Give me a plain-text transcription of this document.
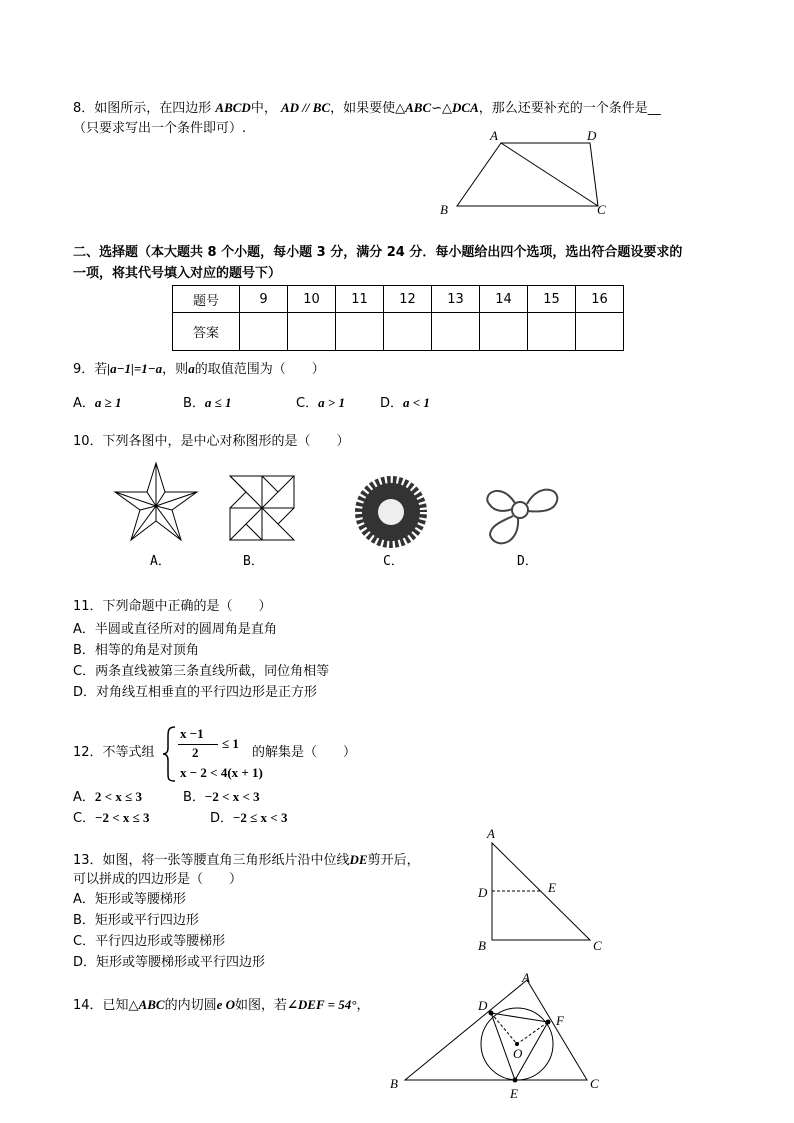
8．如图所示，在四边形 ABCD中， AD // BC，如果要使△ABC∽△DCA，那么还要补充的一个条件是__
（只要求写出一个条件即可）.	A	D
B	C
二、选择题（本大题共 8 个小题，每小题 3 分，满分 24 分．每小题给出四个选项，选出符合题设要求的
一项，将其代号填入对应的题号下）
题号	9	10	11	12	13	14	15	16
答案								
9．若|a−1|=1−a，则a的取值范围为（　　）
A．a ≥ 1	B．a ≤ 1	C．a > 1	D．a < 1
10．下列各图中，是中心对称图形的是（　　）
A．	B．	C．	D．
11．下列命题中正确的是（　　）
A．半圆或直径所对的圆周角是直角
B．相等的角是对顶角
C．两条直线被第三条直线所截，同位角相等
D．对角线互相垂直的平行四边形是正方形
12．不等式组
x −1
2
≤ 1
x − 2 < 4(x + 1)
的解集是（　　）
A．2 < x ≤ 3	B．−2 < x < 3
C．−2 < x ≤ 3	D．−2 ≤ x < 3
13．如图，将一张等腰直角三角形纸片沿中位线DE剪开后，
可以拼成的四边形是（　　）
A．矩形或等腰梯形
B．矩形或平行四边形
C．平行四边形或等腰梯形
D．矩形或等腰梯形或平行四边形
A
D	E
B	C
14．已知△ABC的内切圆e O如图，若∠DEF = 54°，
A
D
F
O
B
E
C
